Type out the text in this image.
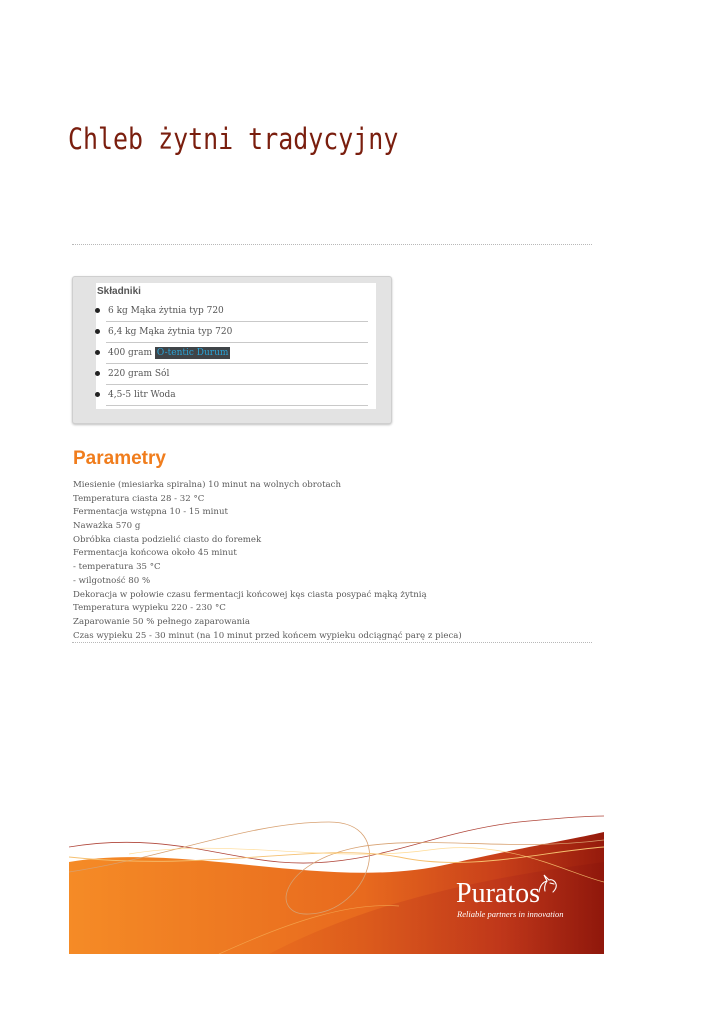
Chleb żytni tradycyjny
Składniki
6 kg Mąka żytnia typ 720
6,4 kg Mąka żytnia typ 720
400 gram O-tentic Durum
220 gram Sól
4,5-5 litr Woda
Parametry
Miesienie (miesiarka spiralna) 10 minut na wolnych obrotach
Temperatura ciasta 28 - 32 °C
Fermentacja wstępna 10 - 15 minut
Naważka 570 g
Obróbka ciasta podzielić ciasto do foremek
Fermentacja końcowa około 45 minut
- temperatura 35 °C
- wilgotność 80 %
Dekoracja w połowie czasu fermentacji końcowej kęs ciasta posypać mąką żytnią
Temperatura wypieku 220 - 230 °C
Zaparowanie 50 % pełnego zaparowania
Czas wypieku 25 - 30 minut (na 10 minut przed końcem wypieku odciągnąć parę z pieca)
Puratos
Reliable partners in innovation
